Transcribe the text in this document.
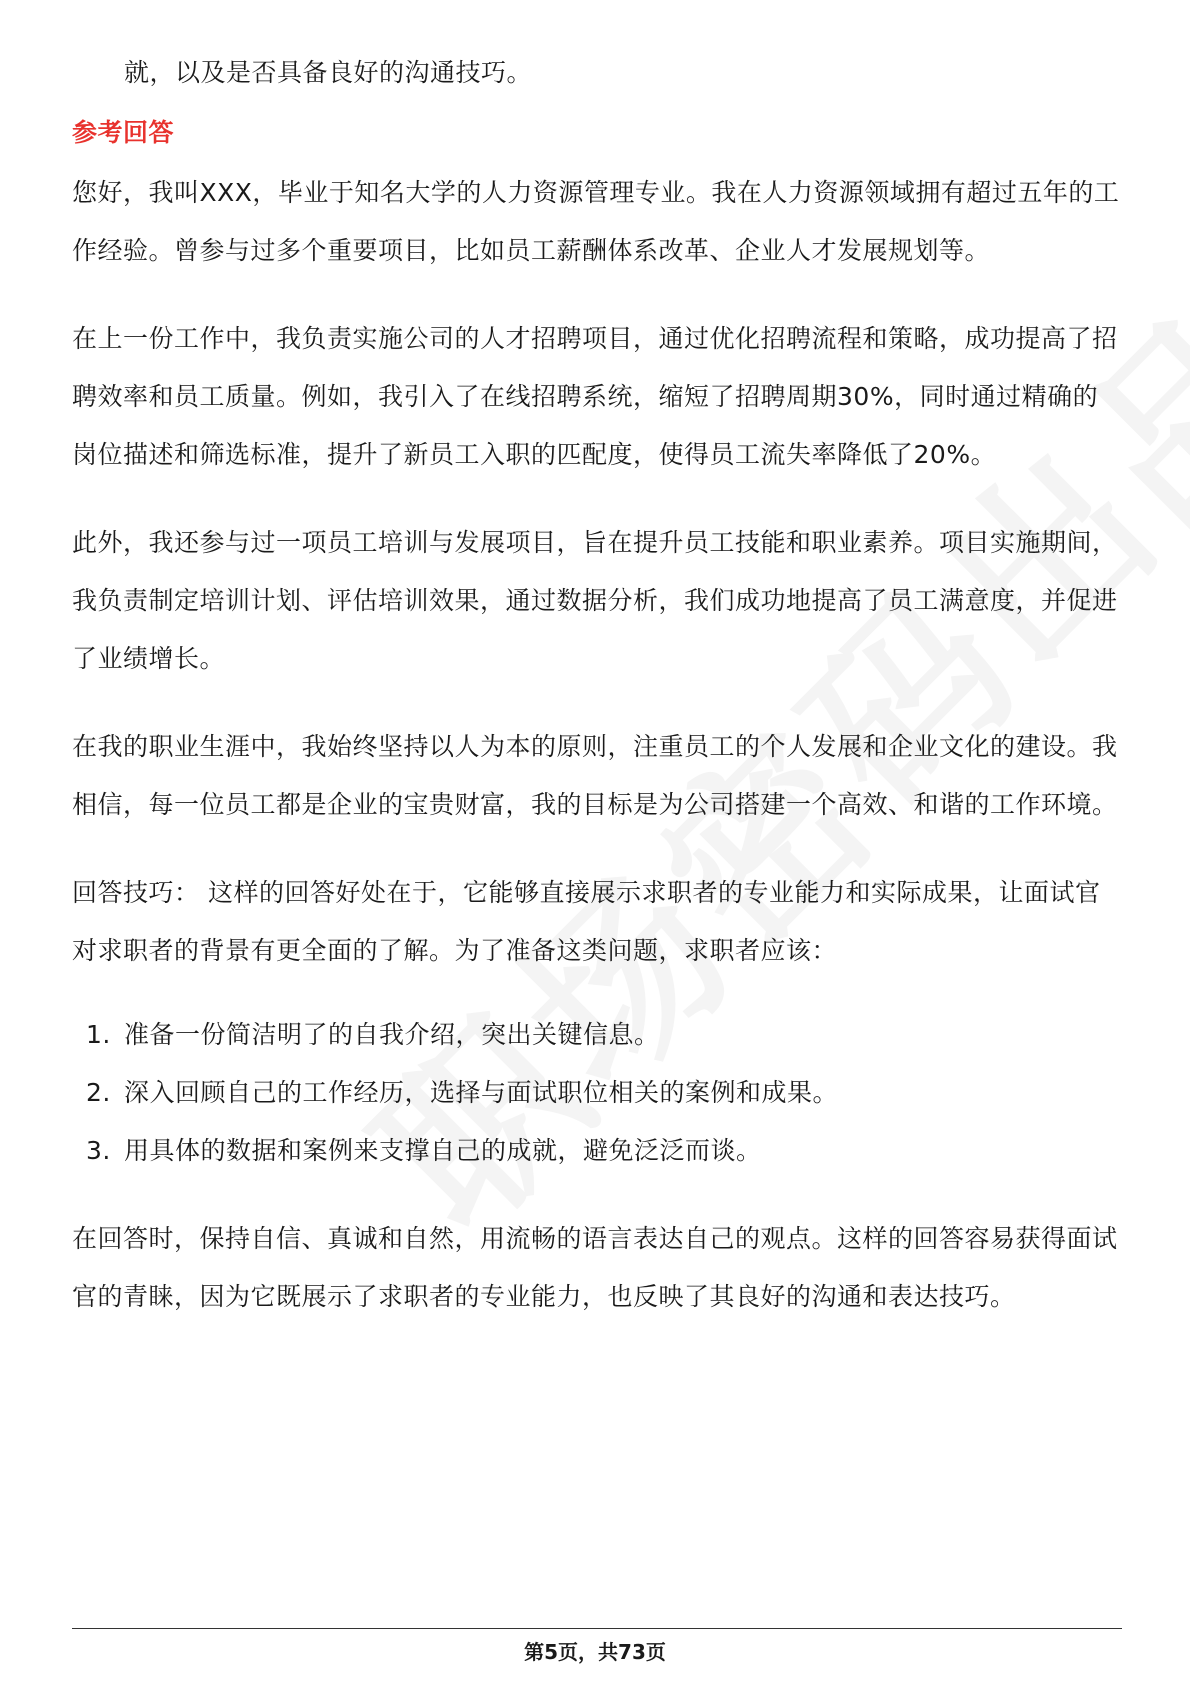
就，以及是否具备良好的沟通技巧。

参考回答

您好，我叫XXX，毕业于知名大学的人力资源管理专业。我在人力资源领域拥有超过五年的工作经验。曾参与过多个重要项目，比如员工薪酬体系改革、企业人才发展规划等。

在上一份工作中，我负责实施公司的人才招聘项目，通过优化招聘流程和策略，成功提高了招聘效率和员工质量。例如，我引入了在线招聘系统，缩短了招聘周期30%，同时通过精确的岗位描述和筛选标准，提升了新员工入职的匹配度，使得员工流失率降低了20%。

此外，我还参与过一项员工培训与发展项目，旨在提升员工技能和职业素养。项目实施期间，我负责制定培训计划、评估培训效果，通过数据分析，我们成功地提高了员工满意度，并促进了业绩增长。

在我的职业生涯中，我始终坚持以人为本的原则，注重员工的个人发展和企业文化的建设。我相信，每一位员工都是企业的宝贵财富，我的目标是为公司搭建一个高效、和谐的工作环境。

回答技巧： 这样的回答好处在于，它能够直接展示求职者的专业能力和实际成果，让面试官对求职者的背景有更全面的了解。为了准备这类问题，求职者应该：

1. 准备一份简洁明了的自我介绍，突出关键信息。
2. 深入回顾自己的工作经历，选择与面试职位相关的案例和成果。
3. 用具体的数据和案例来支撑自己的成就，避免泛泛而谈。

在回答时，保持自信、真诚和自然，用流畅的语言表达自己的观点。这样的回答容易获得面试官的青睐，因为它既展示了求职者的专业能力，也反映了其良好的沟通和表达技巧。

第5页，共73页
